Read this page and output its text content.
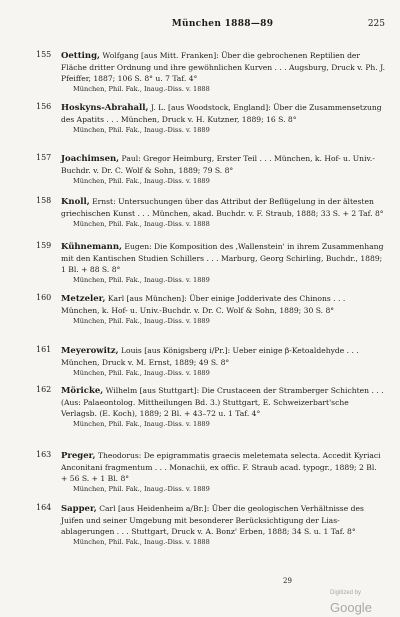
München 1888—89	225
155 Oetting, Wolfgang [aus Mitt. Franken]: Über die gebrochenen Reptilien der Fläche dritter Ordnung und ihre gewöhnlichen Kurven . . . Augsburg, Druck v. Ph. J. Pfeiffer, 1887; 106 S. 8° u. 7 Taf. 4°
München, Phil. Fak., Inaug.-Diss. v. 1888

156 Hoskyns-Abrahall, J. L. [aus Woodstock, England]: Über die Zusammensetzung des Apatits . . . München, Druck v. H. Kutzner, 1889; 16 S. 8°
München, Phil. Fak., Inaug.-Diss. v. 1889

157 Joachimsen, Paul: Gregor Heimburg, Erster Teil . . . München, k. Hof- u. Univ.-Buchdr. v. Dr. C. Wolf & Sohn, 1889; 79 S. 8°
München, Phil. Fak., Inaug.-Diss. v. 1889

158 Knoll, Ernst: Untersuchungen über das Attribut der Beflügelung in der ältesten griechischen Kunst . . . München, akad. Buchdr. v. F. Straub, 1888; 33 S. + 2 Taf. 8°
München, Phil. Fak., Inaug.-Diss. v. 1888

159 Kühnemann, Eugen: Die Komposition des ‚Wallenstein' in ihrem Zusammenhang mit den Kantischen Studien Schillers . . . Marburg, Georg Schirling, Buchdr., 1889; 1 Bl. + 88 S. 8°
München, Phil. Fak., Inaug.-Diss. v. 1889

160 Metzeler, Karl [aus München]: Über einige Jodderivate des Chinons . . . München, k. Hof- u. Univ.-Buchdr. v. Dr. C. Wolf & Sohn, 1889; 30 S. 8°
München, Phil. Fak., Inaug.-Diss. v. 1889

161 Meyerowitz, Louis [aus Königsberg i/Pr.]: Ueber einige β-Ketoaldehyde . . . München, Druck v. M. Ernst, 1889; 49 S. 8°
München, Phil. Fak., Inaug.-Diss. v. 1889

162 Möricke, Wilhelm [aus Stuttgart]: Die Crustaceen der Stramberger Schichten . . . (Aus: Palaeontolog. Mittheilungen Bd. 3.) Stuttgart, E. Schweizerbart'sche Verlagsb. (E. Koch), 1889; 2 Bl. + 43–72 u. 1 Taf. 4°
München, Phil. Fak., Inaug.-Diss. v. 1889

163 Preger, Theodorus: De epigrammatis graecis meletemata selecta. Accedit Kyriaci Anconitani fragmentum . . . Monachii, ex offic. F. Straub acad. typogr., 1889; 2 Bl. + 56 S. + 1 Bl. 8°
München, Phil. Fak., Inaug.-Diss. v. 1889

164 Sapper, Carl [aus Heidenheim a/Br.]: Über die geologischen Verhältnisse des Juifen und seiner Umgebung mit besonderer Berücksichtigung der Lias-ablagerungen . . . Stuttgart, Druck v. A. Bonz' Erben, 1888; 34 S. u. 1 Taf. 8°
München, Phil. Fak., Inaug.-Diss. v. 1888

29
Digitized by Google
